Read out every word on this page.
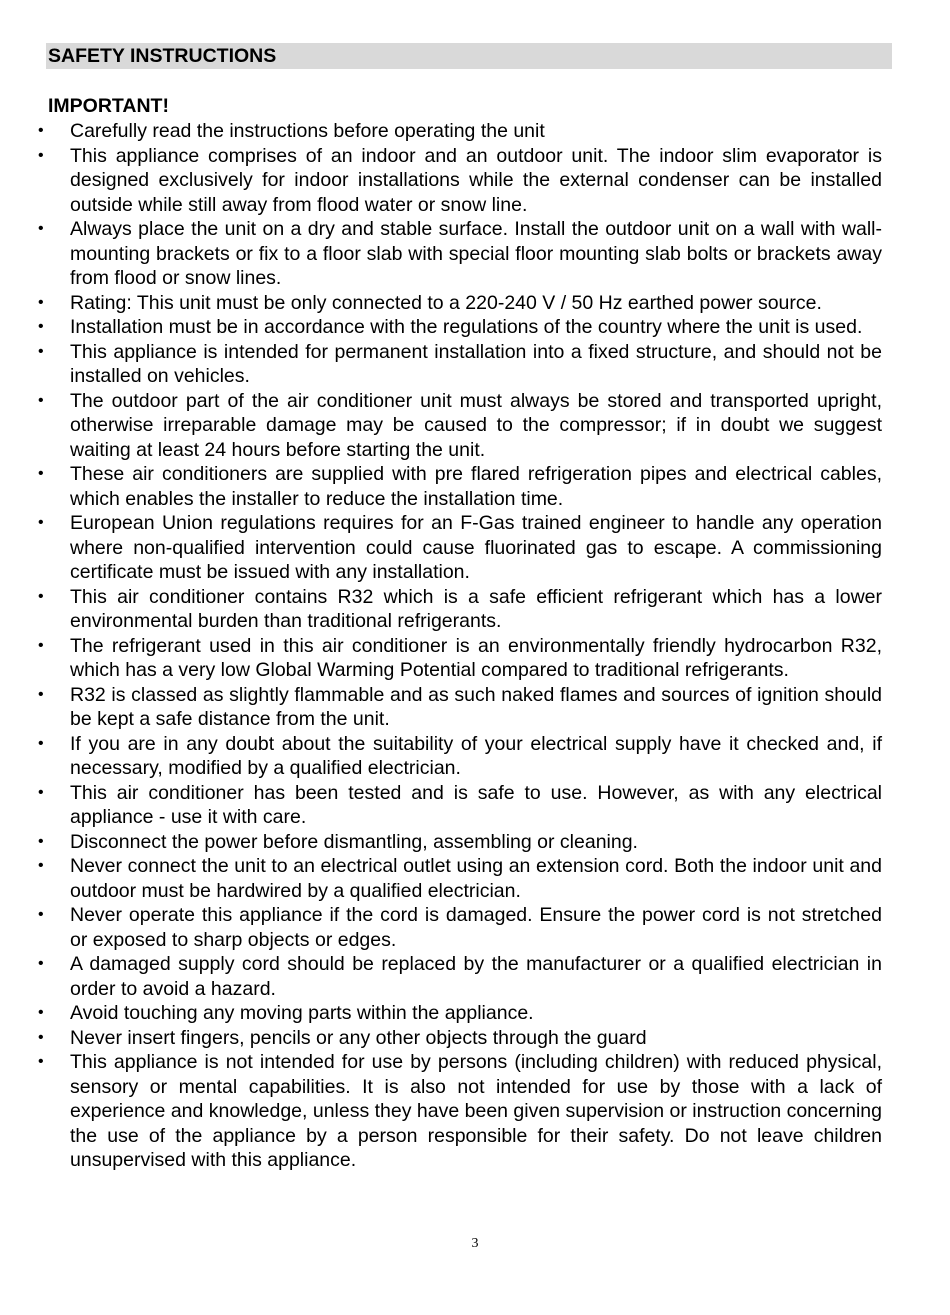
SAFETY INSTRUCTIONS
IMPORTANT!
• Carefully read the instructions before operating the unit
• This appliance comprises of an indoor and an outdoor unit. The indoor slim evaporator is designed exclusively for indoor installations while the external condenser can be installed outside while still away from flood water or snow line.
• Always place the unit on a dry and stable surface. Install the outdoor unit on a wall with wall-mounting brackets or fix to a floor slab with special floor mounting slab bolts or brackets away from flood or snow lines.
• Rating: This unit must be only connected to a 220-240 V / 50 Hz earthed power source.
• Installation must be in accordance with the regulations of the country where the unit is used.
• This appliance is intended for permanent installation into a fixed structure, and should not be installed on vehicles.
• The outdoor part of the air conditioner unit must always be stored and transported upright, otherwise irreparable damage may be caused to the compressor; if in doubt we suggest waiting at least 24 hours before starting the unit.
• These air conditioners are supplied with pre flared refrigeration pipes and electrical cables, which enables the installer to reduce the installation time.
• European Union regulations requires for an F-Gas trained engineer to handle any operation where non-qualified intervention could cause fluorinated gas to escape. A commissioning certificate must be issued with any installation.
• This air conditioner contains R32 which is a safe efficient refrigerant which has a lower environmental burden than traditional refrigerants.
• The refrigerant used in this air conditioner is an environmentally friendly hydrocarbon R32, which has a very low Global Warming Potential compared to traditional refrigerants.
• R32 is classed as slightly flammable and as such naked flames and sources of ignition should be kept a safe distance from the unit.
• If you are in any doubt about the suitability of your electrical supply have it checked and, if necessary, modified by a qualified electrician.
• This air conditioner has been tested and is safe to use. However, as with any electrical appliance - use it with care.
• Disconnect the power before dismantling, assembling or cleaning.
• Never connect the unit to an electrical outlet using an extension cord. Both the indoor unit and outdoor must be hardwired by a qualified electrician.
• Never operate this appliance if the cord is damaged. Ensure the power cord is not stretched or exposed to sharp objects or edges.
• A damaged supply cord should be replaced by the manufacturer or a qualified electrician in order to avoid a hazard.
• Avoid touching any moving parts within the appliance.
• Never insert fingers, pencils or any other objects through the guard
• This appliance is not intended for use by persons (including children) with reduced physical, sensory or mental capabilities. It is also not intended for use by those with a lack of experience and knowledge, unless they have been given supervision or instruction concerning the use of the appliance by a person responsible for their safety. Do not leave children unsupervised with this appliance.
3
